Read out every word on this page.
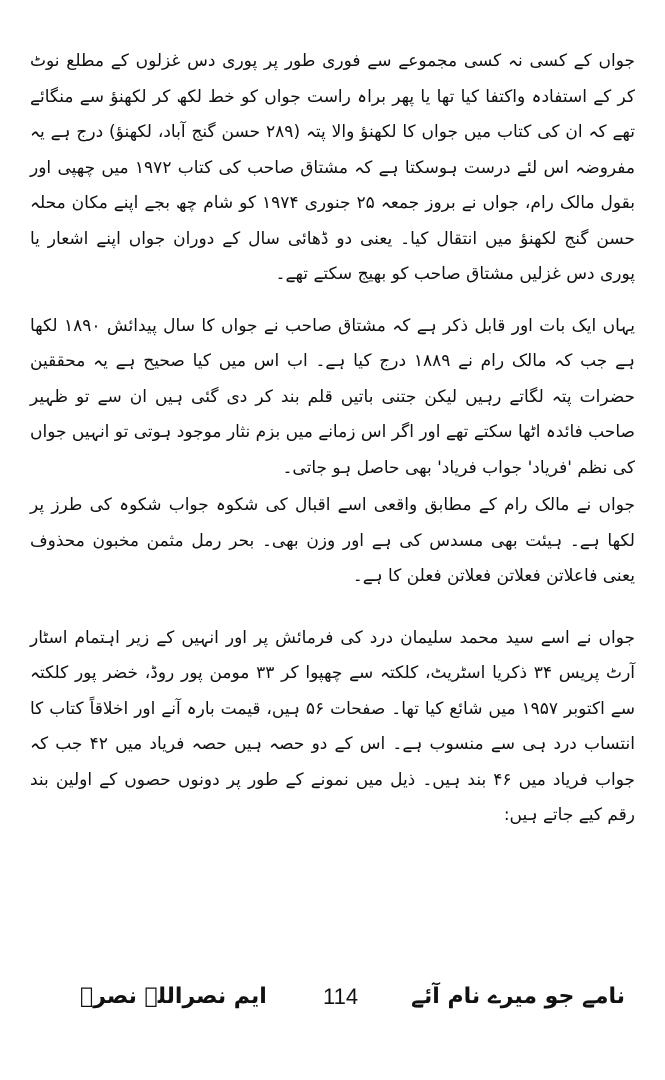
جواں کے کسی نہ کسی مجموعے سے فوری طور پر پوری دس غزلوں کے مطلع نوٹ کر کے استفادہ واکتفا کیا تھا یا پھر براہ راست جواں کو خط لکھ کر لکھنؤ سے منگائے تھے کہ ان کی کتاب میں جواں کا لکھنؤ والا پتہ (۲۸۹ حسن گنج آباد، لکھنؤ) درج ہے یہ مفروضہ اس لئے درست ہوسکتا ہے کہ مشتاق صاحب کی کتاب ۱۹۷۲ میں چھپی اور بقول مالک رام، جواں نے بروز جمعہ ۲۵ جنوری ۱۹۷۴ کو شام چھ بجے اپنے مکان محلہ حسن گنج لکھنؤ میں انتقال کیا۔ یعنی دو ڈھائی سال کے دوران جواں اپنے اشعار یا پوری دس غزلیں مشتاق صاحب کو بھیج سکتے تھے۔

یہاں ایک بات اور قابل ذکر ہے کہ مشتاق صاحب نے جواں کا سال پیدائش ۱۸۹۰ لکھا ہے جب کہ مالک رام نے ۱۸۸۹ درج کیا ہے۔ اب اس میں کیا صحیح ہے یہ محققین حضرات پتہ لگاتے رہیں لیکن جتنی باتیں قلم بند کر دی گئی ہیں ان سے تو ظہیر صاحب فائدہ اٹھا سکتے تھے اور اگر اس زمانے میں بزم نثار موجود ہوتی تو انہیں جواں کی نظم 'فریاد' جواب فریاد' بھی حاصل ہو جاتی۔

جواں نے مالک رام کے مطابق واقعی اسے اقبال کی شکوہ جواب شکوہ کی طرز پر لکھا ہے۔ ہیئت بھی مسدس کی ہے اور وزن بھی۔ بحر رمل مثمن مخبون محذوف یعنی فاعلاتن فعلاتن فعلاتن فعلن کا ہے۔

جواں نے اسے سید محمد سلیمان درد کی فرمائش پر اور انہیں کے زیر اہتمام اسٹار آرٹ پریس ۳۴ ذکریا اسٹریٹ، کلکتہ سے چھپوا کر ۳۳ مومن پور روڈ، خضر پور کلکتہ سے اکتوبر ۱۹۵۷ میں شائع کیا تھا۔ صفحات ۵۶ ہیں، قیمت بارہ آنے اور اخلاقاً کتاب کا انتساب درد ہی سے منسوب ہے۔ اس کے دو حصہ ہیں حصہ فریاد میں ۴۲ جب کہ جواب فریاد میں ۴۶ بند ہیں۔ ذیل میں نمونے کے طور پر دونوں حصوں کے اولین بند رقم کیے جاتے ہیں:

نامے جو میرے نام آئے
114
ایم نصراللہ نصرؔ
